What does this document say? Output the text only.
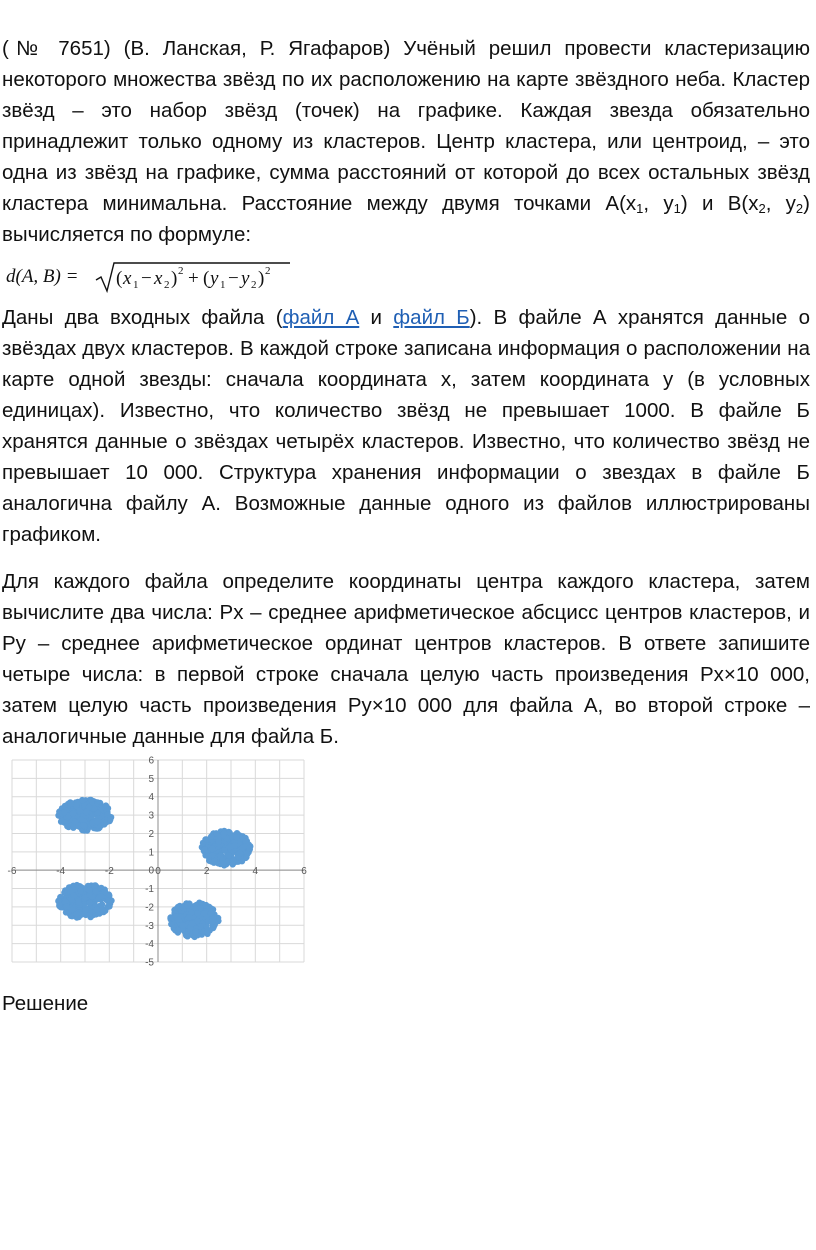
(№ 7651) (В. Ланская, Р. Ягафаров) Учёный решил провести кластеризацию некоторого множества звёзд по их расположению на карте звёздного неба. Кластер звёзд – это набор звёзд (точек) на графике. Каждая звезда обязательно принадлежит только одному из кластеров. Центр кластера, или центроид, – это одна из звёзд на графике, сумма расстояний от которой до всех остальных звёзд кластера минимальна. Расстояние между двумя точками $A(x_1$, $y_1$) и $B(x_2$, $y_2$) вычисляется по формуле:

d(A, B) = ( x 1 − x 2 ) 2 + ( y 1 − y 2 ) 2

Даны два входных файла (файл А и файл Б). В файле А хранятся данные о звёздах двух кластеров. В каждой строке записана информация о расположении на карте одной звезды: сначала координата x, затем координата y (в условных единицах). Известно, что количество звёзд не превышает 1000. В файле Б хранятся данные о звёздах четырёх кластеров. Известно, что количество звёзд не превышает 10 000. Структура хранения информации о звездах в файле Б аналогична файлу А. Возможные данные одного из файлов иллюстрированы графиком.

Для каждого файла определите координаты центра каждого кластера, затем вычислите два числа: Px – среднее арифметическое абсцисс центров кластеров, и Py – среднее арифметическое ординат центров кластеров. В ответе запишите четыре числа: в первой строке сначала целую часть произведения Px×10 000, затем целую часть произведения Py×10 000 для файла А, во второй строке – аналогичные данные для файла Б.

-6	-4	-2	0	2	4	6
6
5
4
3
2
1
0
-1
-2
-3
-4
-5
Решение
